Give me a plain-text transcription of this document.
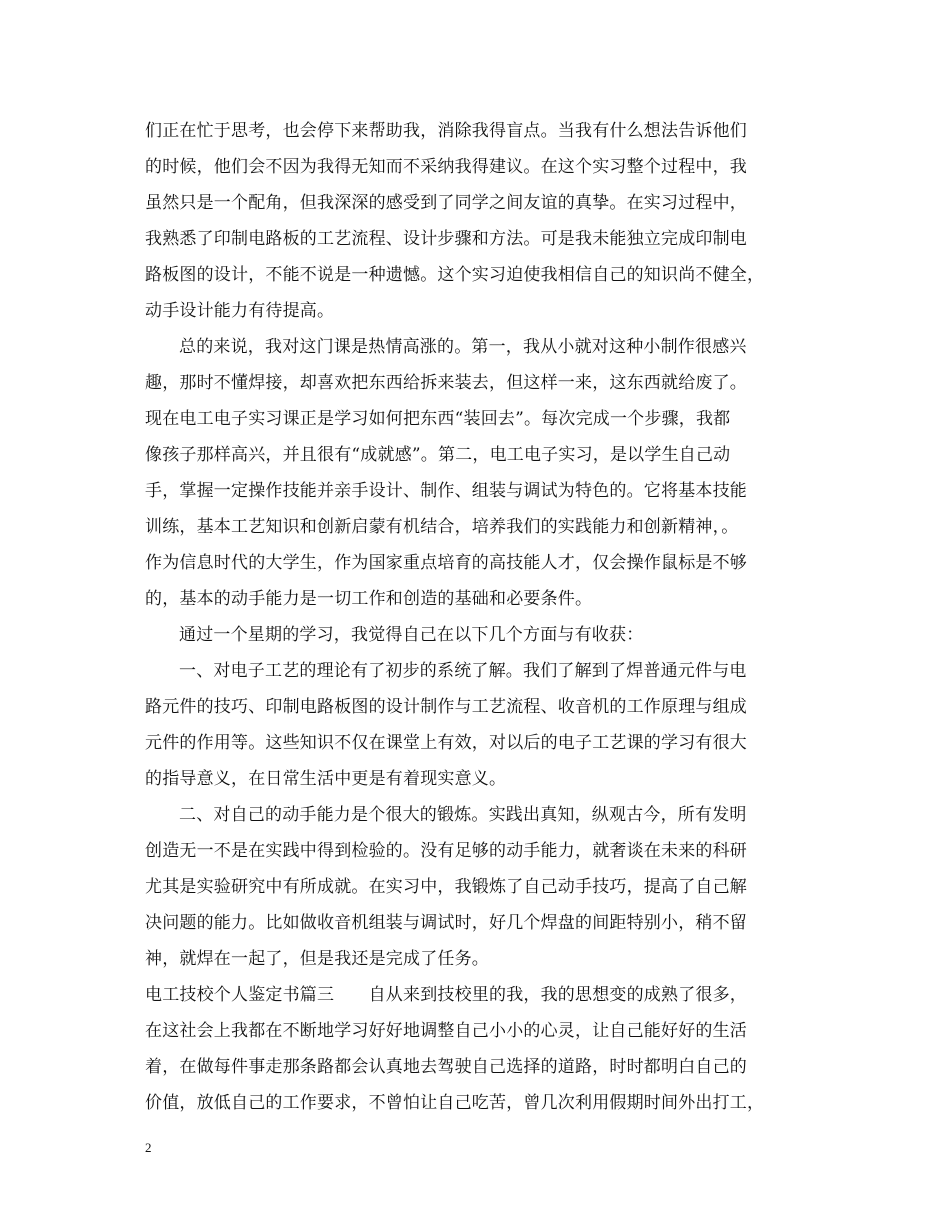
们正在忙于思考，也会停下来帮助我，消除我得盲点。当我有什么想法告诉他们
的时候，他们会不因为我得无知而不采纳我得建议。在这个实习整个过程中，我
虽然只是一个配角，但我深深的感受到了同学之间友谊的真挚。在实习过程中，
我熟悉了印制电路板的工艺流程、设计步骤和方法。可是我未能独立完成印制电
路板图的设计，不能不说是一种遗憾。这个实习迫使我相信自己的知识尚不健全，
动手设计能力有待提高。
总的来说，我对这门课是热情高涨的。第一，我从小就对这种小制作很感兴
趣，那时不懂焊接，却喜欢把东西给拆来装去，但这样一来，这东西就给废了。
现在电工电子实习课正是学习如何把东西“装回去”。每次完成一个步骤，我都
像孩子那样高兴，并且很有“成就感”。第二，电工电子实习，是以学生自己动
手，掌握一定操作技能并亲手设计、制作、组装与调试为特色的。它将基本技能
训练，基本工艺知识和创新启蒙有机结合，培养我们的实践能力和创新精神，。
作为信息时代的大学生，作为国家重点培育的高技能人才，仅会操作鼠标是不够
的，基本的动手能力是一切工作和创造的基础和必要条件。
通过一个星期的学习，我觉得自己在以下几个方面与有收获：
一、对电子工艺的理论有了初步的系统了解。我们了解到了焊普通元件与电
路元件的技巧、印制电路板图的设计制作与工艺流程、收音机的工作原理与组成
元件的作用等。这些知识不仅在课堂上有效，对以后的电子工艺课的学习有很大
的指导意义，在日常生活中更是有着现实意义。
二、对自己的动手能力是个很大的锻炼。实践出真知，纵观古今，所有发明
创造无一不是在实践中得到检验的。没有足够的动手能力，就奢谈在未来的科研
尤其是实验研究中有所成就。在实习中，我锻炼了自己动手技巧，提高了自己解
决问题的能力。比如做收音机组装与调试时，好几个焊盘的间距特别小，稍不留
神，就焊在一起了，但是我还是完成了任务。
电工技校个人鉴定书篇三　　自从来到技校里的我，我的思想变的成熟了很多，
在这社会上我都在不断地学习好好地调整自己小小的心灵，让自己能好好的生活
着，在做每件事走那条路都会认真地去驾驶自己选择的道路，时时都明白自己的
价值，放低自己的工作要求，不曾怕让自己吃苦，曾几次利用假期时间外出打工，
2
